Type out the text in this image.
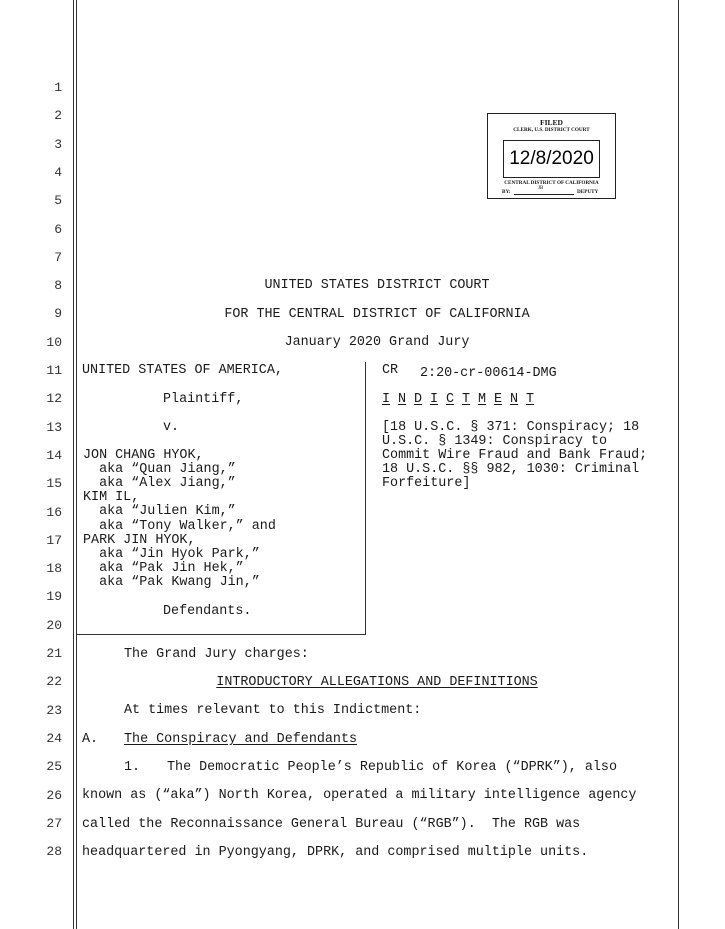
1
2
3
4
5
6
7
8
9
10
11
12
13
14
15
16
17
18
19
20
21
22
23
24
25
26
27
28
FILED
CLERK, U.S. DISTRICT COURT
12/8/2020
CENTRAL DISTRICT OF CALIFORNIA
BY:
JB
DEPUTY
UNITED STATES DISTRICT COURT
FOR THE CENTRAL DISTRICT OF CALIFORNIA
January 2020 Grand Jury
UNITED STATES OF AMERICA,
Plaintiff,
v.
JON CHANG HYOK,
aka “Quan Jiang,”
aka “Alex Jiang,”
KIM IL,
aka “Julien Kim,”
aka “Tony Walker,” and
PARK JIN HYOK,
aka “Jin Hyok Park,”
aka “Pak Jin Hek,”
aka “Pak Kwang Jin,”
Defendants.
CR 2:20-cr-00614-DMG
I N D I C T M E N T
[18 U.S.C. § 371: Conspiracy; 18
U.S.C. § 1349: Conspiracy to
Commit Wire Fraud and Bank Fraud;
18 U.S.C. §§ 982, 1030: Criminal
Forfeiture]
The Grand Jury charges:
INTRODUCTORY ALLEGATIONS AND DEFINITIONS
At times relevant to this Indictment:
A. The Conspiracy and Defendants
1. The Democratic People’s Republic of Korea (“DPRK”), also
known as (“aka”) North Korea, operated a military intelligence agency
called the Reconnaissance General Bureau (“RGB”).  The RGB was
headquartered in Pyongyang, DPRK, and comprised multiple units.
